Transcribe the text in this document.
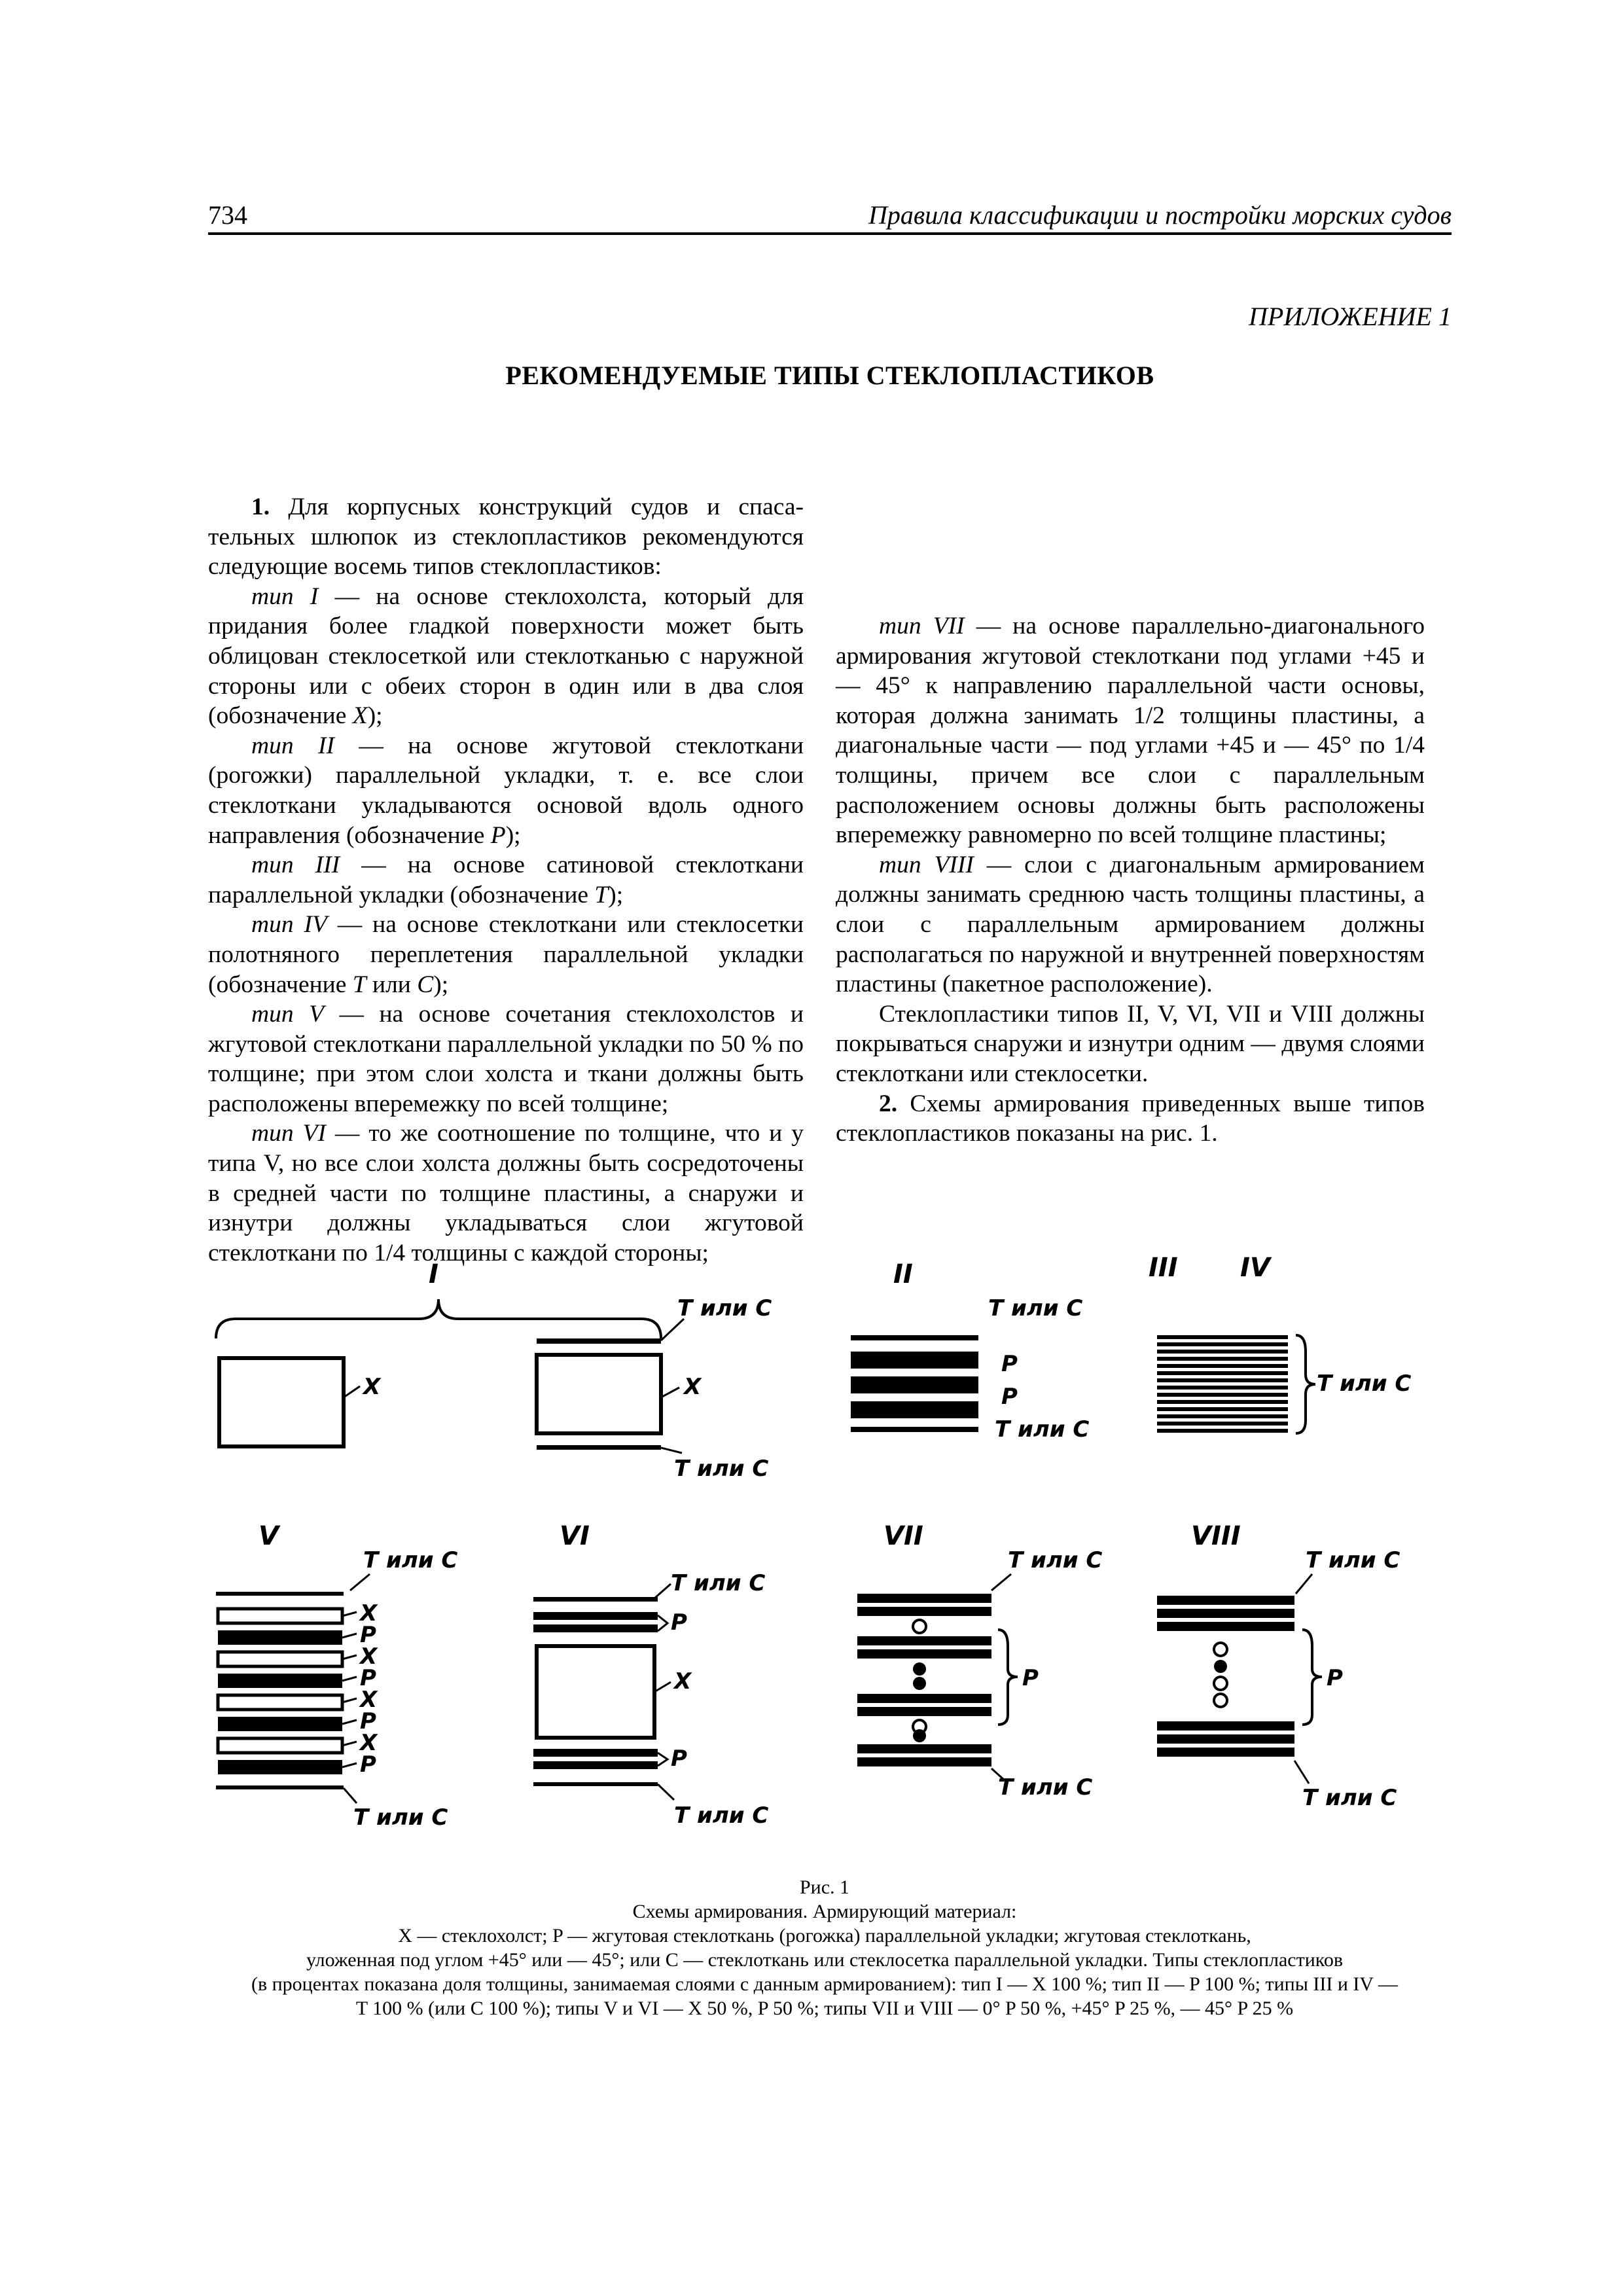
734	Правила классификации и постройки морских судов
ПРИЛОЖЕНИЕ 1
РЕКОМЕНДУЕМЫЕ ТИПЫ СТЕКЛОПЛАСТИКОВ

1. Для корпусных конструкций судов и спасательных шлюпок из стеклопластиков рекомендуются следующие восемь типов стеклопластиков:

тип I — на основе стеклохолста, который для придания более гладкой поверхности может быть облицован стеклосеткой или стеклотканью с наружной стороны или с обеих сторон в один или в два слоя (обозначение X);

тип II — на основе жгутовой стеклоткани (рогожки) параллельной укладки, т. е. все слои стеклоткани укладываются основой вдоль одного направления (обозначение P);

тип III — на основе сатиновой стеклоткани параллельной укладки (обозначение T);

тип IV — на основе стеклоткани или стеклосетки полотняного переплетения параллельной укладки (обозначение T или C);

тип V — на основе сочетания стеклохолстов и жгутовой стеклоткани параллельной укладки по 50 % по толщине; при этом слои холста и ткани должны быть расположены вперемежку по всей толщине;

тип VI — то же соотношение по толщине, что и у типа V, но все слои холста должны быть сосредоточены в средней части по толщине пластины, а снаружи и изнутри должны укладываться слои жгутовой стеклоткани по 1/4 толщины с каждой стороны;

тип VII — на основе параллельно-диагонального армирования жгутовой стеклоткани под углами +45 и — 45° к направлению параллельной части основы, которая должна занимать 1/2 толщины пластины, а диагональные части — под углами +45 и — 45° по 1/4 толщины, причем все слои с параллельным расположением основы должны быть расположены вперемежку равномерно по всей толщине пластины;

тип VIII — слои с диагональным армированием должны занимать среднюю часть толщины пластины, а слои с параллельным армированием должны располагаться по наружной и внутренней поверхностям пластины (пакетное расположение).

Стеклопластики типов II, V, VI, VII и VIII должны покрываться снаружи и изнутри одним — двумя слоями стеклоткани или стеклосетки.

2. Схемы армирования приведенных выше типов стеклопластиков показаны на рис. 1.

I
X
Т или С
X
Т или С
II
Т или С
P
P
Т или С
III IV
Т или С
V
Т или С
X
P
X
P
X
P
X
P
Т или С
VI
Т или С
P
X
P
Т или С
VII
Т или С
P
Т или С
VIII
Т или С
P
Т или С
Рис. 1
Схемы армирования. Армирующий материал:
X — стеклохолст; P — жгутовая стеклоткань (рогожка) параллельной укладки; жгутовая стеклоткань,
уложенная под углом +45° или — 45°; или C — стеклоткань или стеклосетка параллельной укладки. Типы стеклопластиков
(в процентах показана доля толщины, занимаемая слоями с данным армированием): тип I — X 100 %; тип II — P 100 %; типы III и IV —
T 100 % (или C 100 %); типы V и VI — X 50 %, P 50 %; типы VII и VIII — 0° P 50 %, +45° P 25 %, — 45° P 25 %
